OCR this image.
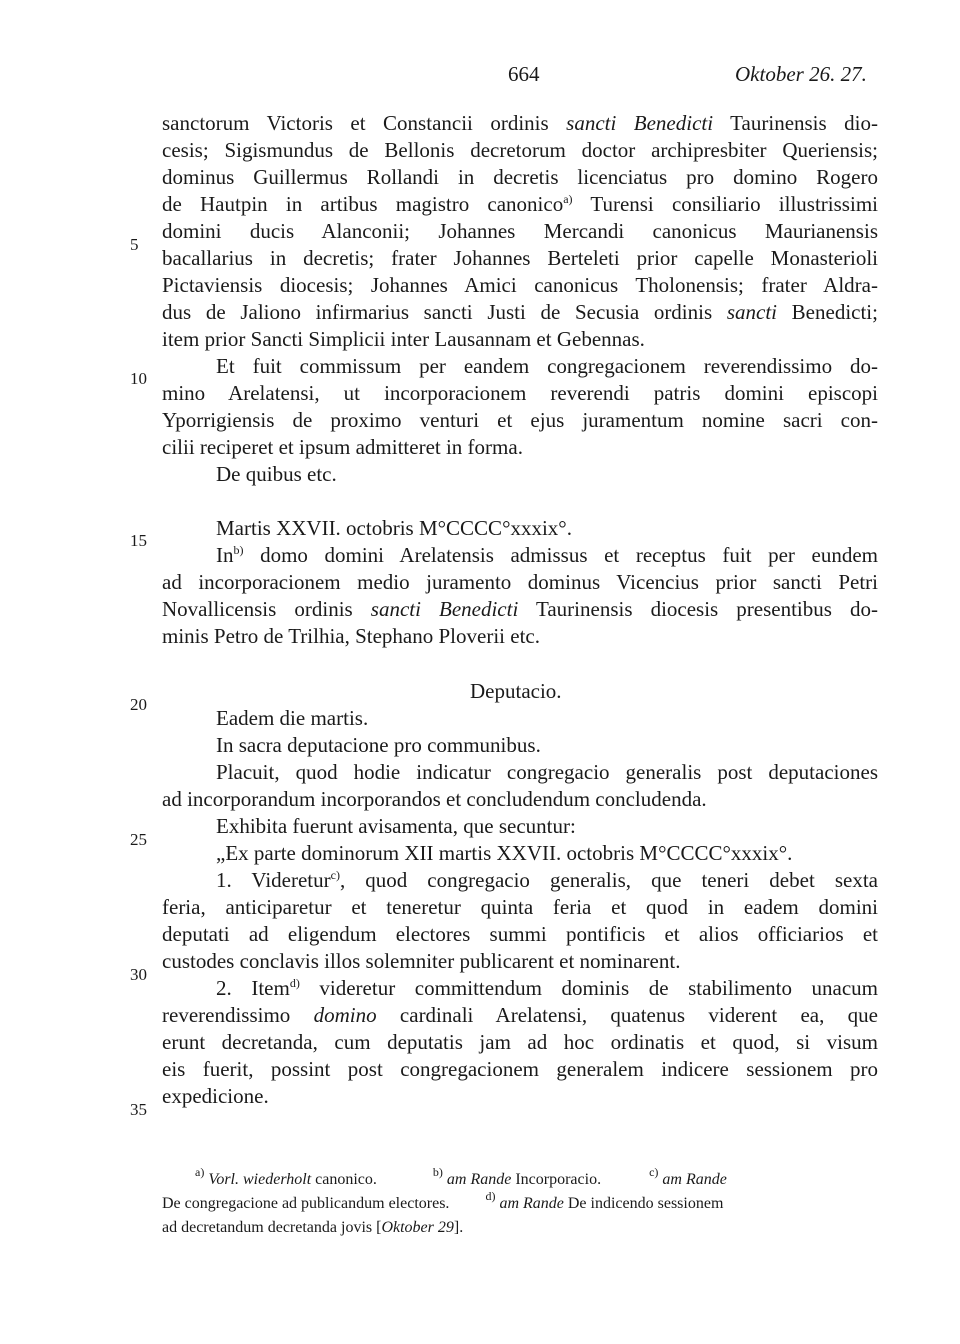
664	Oktober 26. 27.
5
10
15
20
25
30
35
sanctorum Victoris et Constancii ordinis sancti Benedicti Taurinensis dio-
cesis; Sigismundus de Bellonis decretorum doctor archipresbiter Queriensis;
dominus Guillermus Rollandi in decretis licenciatus pro domino Rogero
de Hautpin in artibus magistro canonico$^{a)}$ Turensi consiliario illustrissimi
domini ducis Alanconii; Johannes Mercandi canonicus Maurianensis
bacallarius in decretis; frater Johannes Berteleti prior capelle Monasterioli
Pictaviensis diocesis; Johannes Amici canonicus Tholonensis; frater Aldra-
dus de Jaliono infirmarius sancti Justi de Secusia ordinis sancti Benedicti;
item prior Sancti Simplicii inter Lausannam et Gebennas.
Et fuit commissum per eandem congregacionem reverendissimo do-
mino Arelatensi, ut incorporacionem reverendi patris domini episcopi
Yporrigiensis de proximo venturi et ejus juramentum nomine sacri con-
cilii reciperet et ipsum admitteret in forma.
De quibus etc.
Martis XXVII. octobris M°CCCC°xxxix°.
In$^{b)}$ domo domini Arelatensis admissus et receptus fuit per eundem
ad incorporacionem medio juramento dominus Vicencius prior sancti Petri
Novallicensis ordinis sancti Benedicti Taurinensis diocesis presentibus do-
minis Petro de Trilhia, Stephano Ploverii etc.
Deputacio.
Eadem die martis.
In sacra deputacione pro communibus.
Placuit, quod hodie indicatur congregacio generalis post deputaciones
ad incorporandum incorporandos et concludendum concludenda.
Exhibita fuerunt avisamenta, que secuntur:
„Ex parte dominorum XII martis XXVII. octobris M°CCCC°xxxix°.
1. Videretur$^{c)}$, quod congregacio generalis, que teneri debet sexta
feria, anticiparetur et teneretur quinta feria et quod in eadem domini
deputati ad eligendum electores summi pontificis et alios officiarios et
custodes conclavis illos solemniter publicarent et nominarent.
2. Item$^{d)}$ videretur committendum dominis de stabilimento unacum
reverendissimo domino cardinali Arelatensi, quatenus viderent ea, que
erunt decretanda, cum deputatis jam ad hoc ordinatis et quod, si visum
eis fuerit, possint post congregacionem generalem indicere sessionem pro
expedicione.
$^{a)}$ Vorl. wiederholt canonico.	$^{b)}$ am Rande Incorporacio.	$^{c)}$ am Rande
De congregacione ad publicandum electores.	$^{d)}$ am Rande De indicendo sessionem
ad decretandum decretanda jovis [Oktober 29].
